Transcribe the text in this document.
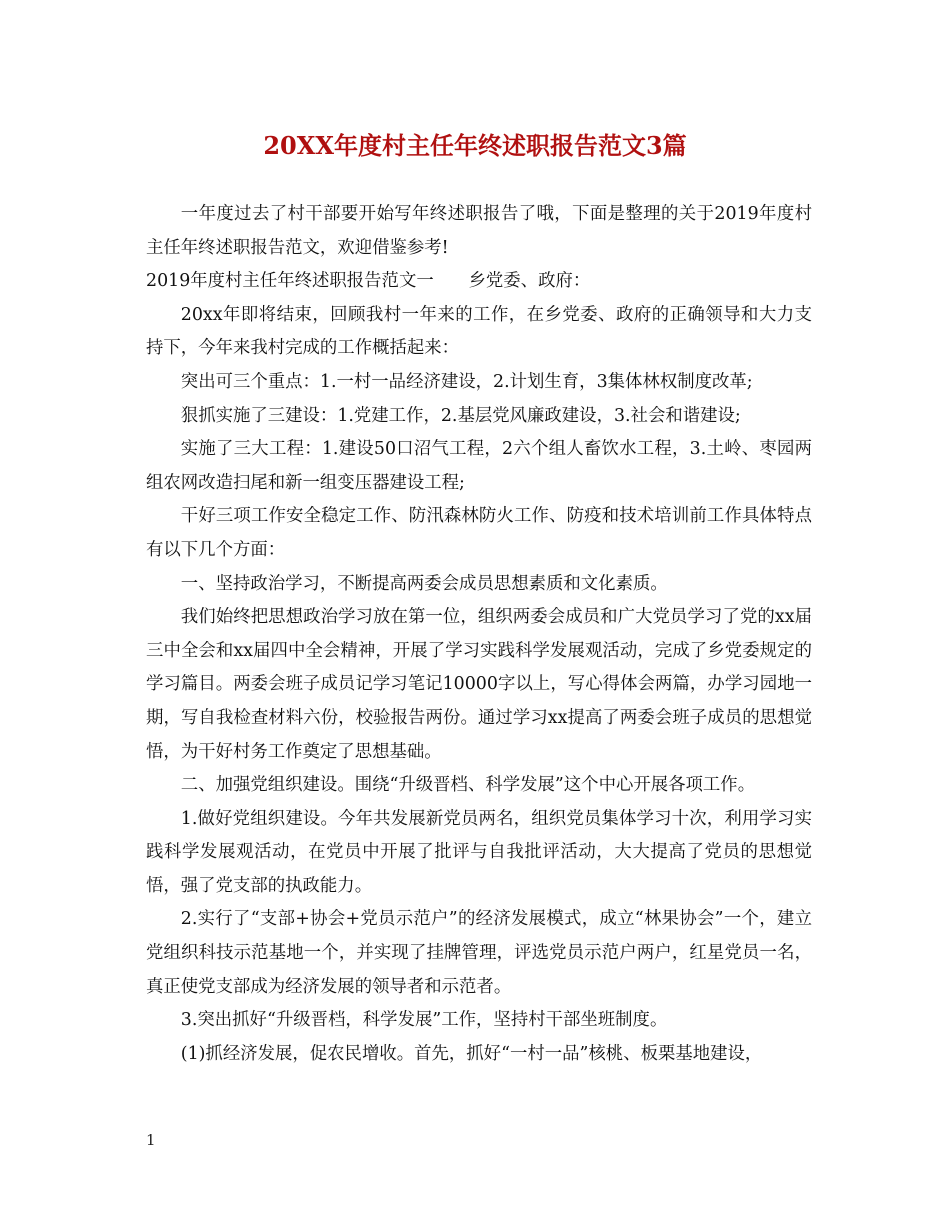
20XX年度村主任年终述职报告范文3篇

一年度过去了村干部要开始写年终述职报告了哦，下面是整理的关于2019年度村主任年终述职报告范文，欢迎借鉴参考!

2019年度村主任年终述职报告范文一　　乡党委、政府：

20xx年即将结束，回顾我村一年来的工作，在乡党委、政府的正确领导和大力支持下，今年来我村完成的工作概括起来：

突出可三个重点：1.一村一品经济建设，2.计划生育，3集体林权制度改革;

狠抓实施了三建设：1.党建工作，2.基层党风廉政建设，3.社会和谐建设;

实施了三大工程：1.建设50口沼气工程，2六个组人畜饮水工程，3.土岭、枣园两组农网改造扫尾和新一组变压器建设工程;

干好三项工作安全稳定工作、防汛森林防火工作、防疫和技术培训前工作具体特点有以下几个方面：

一、坚持政治学习，不断提高两委会成员思想素质和文化素质。

我们始终把思想政治学习放在第一位，组织两委会成员和广大党员学习了党的xx届三中全会和xx届四中全会精神，开展了学习实践科学发展观活动，完成了乡党委规定的学习篇目。两委会班子成员记学习笔记10000字以上，写心得体会两篇，办学习园地一期，写自我检查材料六份，校验报告两份。通过学习xx提高了两委会班子成员的思想觉悟，为干好村务工作奠定了思想基础。

二、加强党组织建设。围绕“升级晋档、科学发展”这个中心开展各项工作。

1.做好党组织建设。今年共发展新党员两名，组织党员集体学习十次，利用学习实践科学发展观活动，在党员中开展了批评与自我批评活动，大大提高了党员的思想觉悟，强了党支部的执政能力。

2.实行了“支部+协会+党员示范户”的经济发展模式，成立“林果协会”一个，建立党组织科技示范基地一个，并实现了挂牌管理，评选党员示范户两户，红星党员一名，真正使党支部成为经济发展的领导者和示范者。

3.突出抓好“升级晋档，科学发展”工作，坚持村干部坐班制度。

(1)抓经济发展，促农民增收。首先，抓好“一村一品”核桃、板栗基地建设，

1
